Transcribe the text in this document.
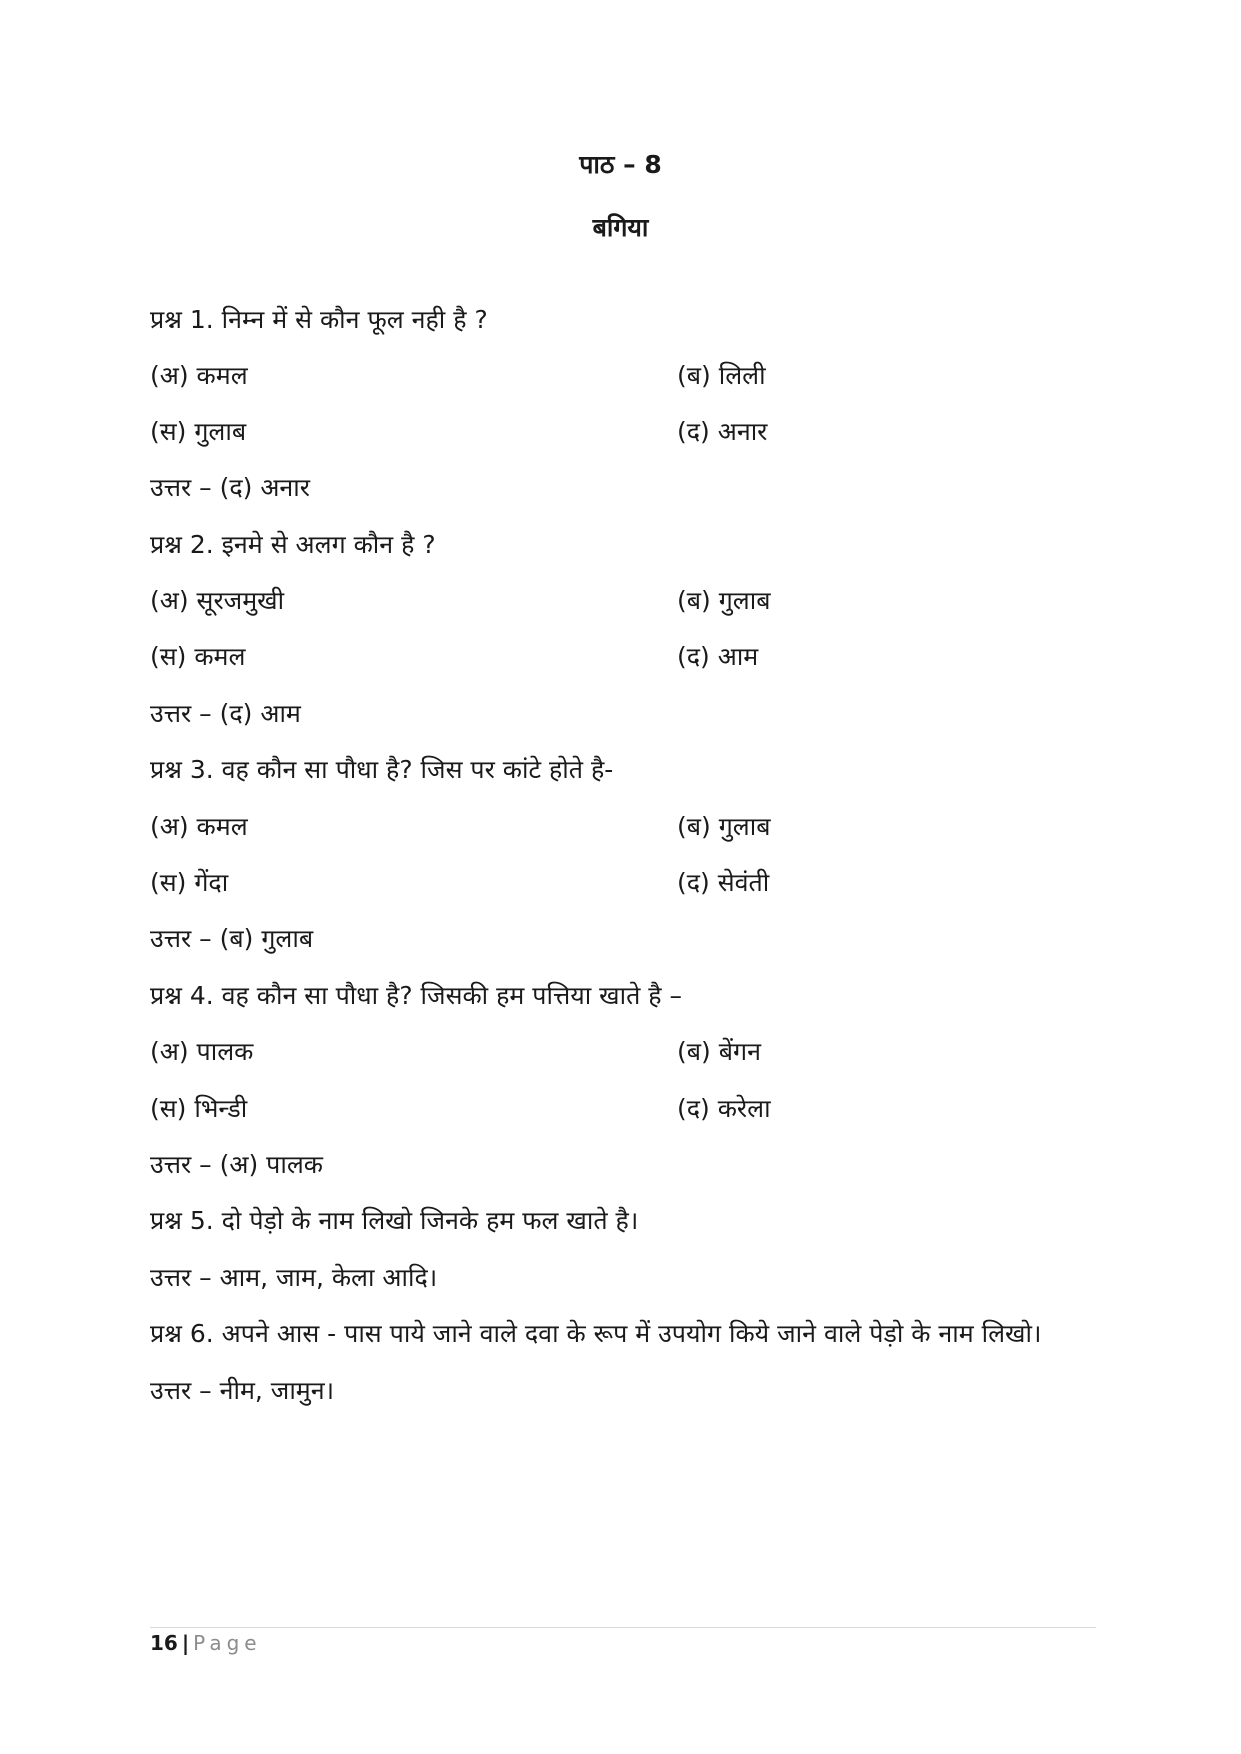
पाठ – 8
बगिया
प्रश्न 1. निम्न में से कौन फूल नही है ?
(अ) कमल	(ब) लिली
(स) गुलाब	(द) अनार
उत्तर – (द) अनार
प्रश्न 2. इनमे से अलग कौन है ?
(अ) सूरजमुखी	(ब) गुलाब
(स) कमल	(द) आम
उत्तर – (द) आम
प्रश्न 3. वह कौन सा पौधा है? जिस पर कांटे होते है-
(अ) कमल	(ब) गुलाब
(स) गेंदा	(द) सेवंती
उत्तर – (ब) गुलाब
प्रश्न 4. वह कौन सा पौधा है? जिसकी हम पत्तिया खाते है –
(अ) पालक	(ब) बेंगन
(स) भिन्डी	(द) करेला
उत्तर – (अ) पालक
प्रश्न 5. दो पेड़ो के नाम लिखो जिनके हम फल खाते है।
उत्तर – आम, जाम, केला आदि।
प्रश्न 6. अपने आस - पास पाये जाने वाले दवा के रूप में उपयोग किये जाने वाले पेड़ो के नाम लिखो।
उत्तर – नीम, जामुन।
16 | Page
